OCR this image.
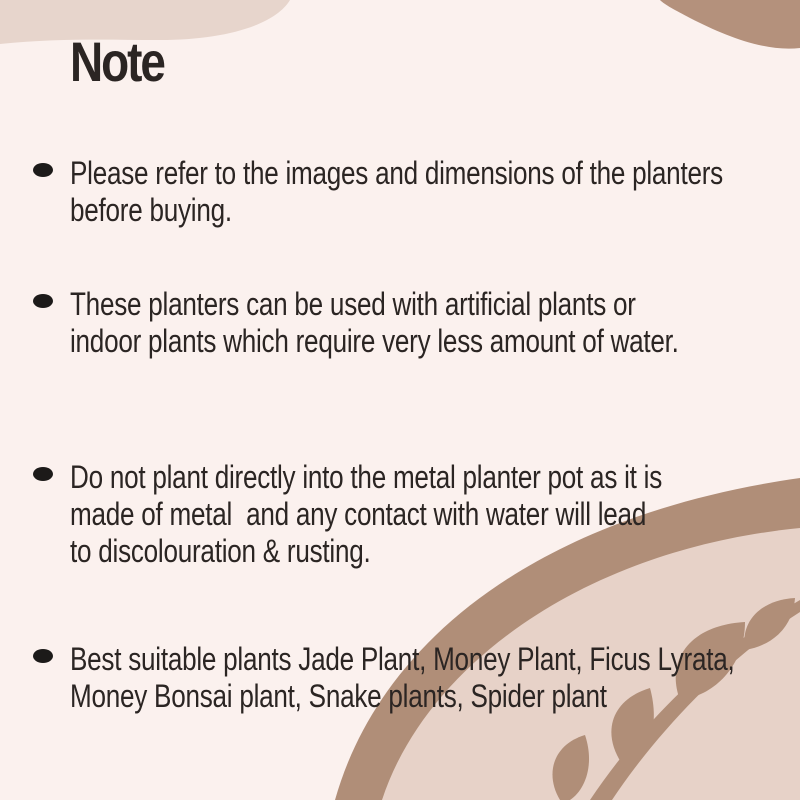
Note
Please refer to the images and dimensions of the planters
before buying.
These planters can be used with artificial plants or
indoor plants which require very less amount of water.
Do not plant directly into the metal planter pot as it is
made of metal  and any contact with water will lead
to discolouration & rusting.
Best suitable plants Jade Plant, Money Plant, Ficus Lyrata,
Money Bonsai plant, Snake plants, Spider plant
